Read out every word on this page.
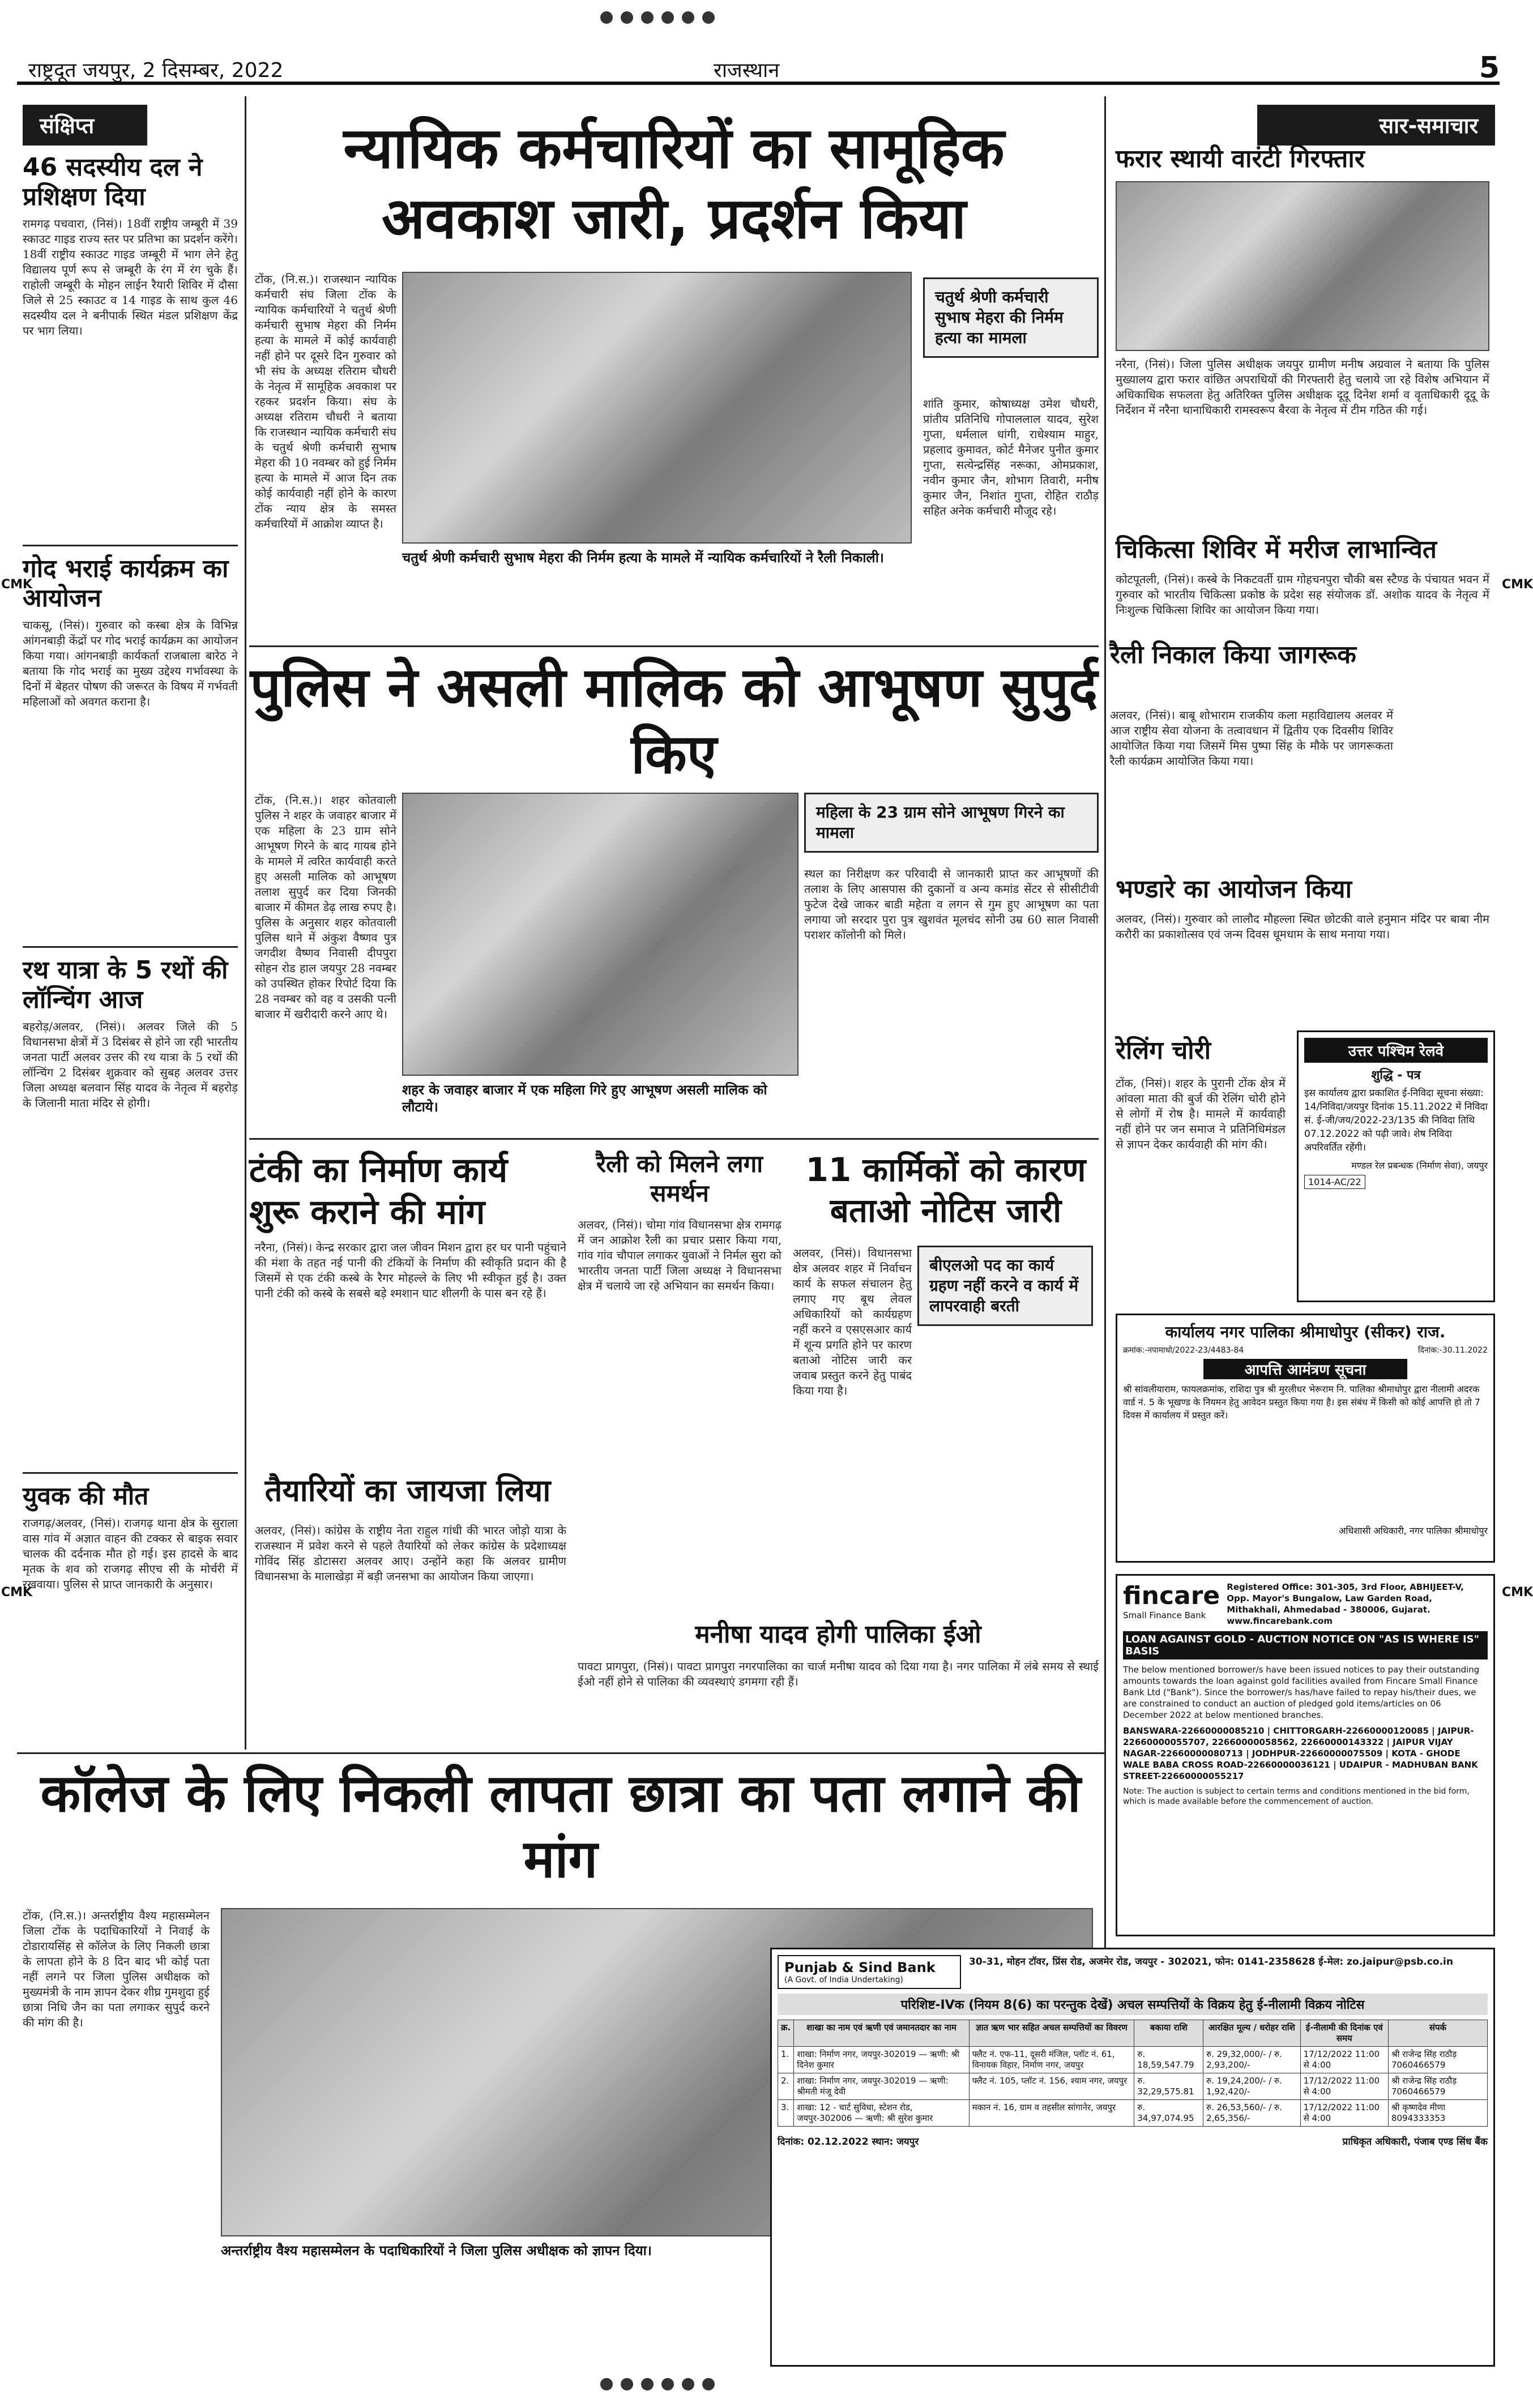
राष्ट्रदूत जयपुर, 2 दिसम्बर, 2022	राजस्थान	5
CMK	CMK
CMK	CMK
संक्षिप्त
46 सदस्यीय दल ने प्रशिक्षण दिया
रामगढ़ पचवारा, (निसं)। 18वीं राष्ट्रीय जम्बूरी में 39 स्काउट गाइड राज्य स्तर पर प्रतिभा का प्रदर्शन करेंगे। 18वीं राष्ट्रीय स्काउट गाइड जम्बूरी में भाग लेने हेतु विद्यालय पूर्ण रूप से जम्बूरी के रंग में रंग चुके हैं। राहोली जम्बूरी के मोहन लाईन रैयारी शिविर में दौसा जिले से 25 स्काउट व 14 गाइड के साथ कुल 46 सदस्यीय दल ने बनीपार्क स्थित मंडल प्रशिक्षण केंद्र पर भाग लिया।
गोद भराई कार्यक्रम का आयोजन
चाकसू, (निसं)। गुरुवार को कस्बा क्षेत्र के विभिन्न आंगनबाड़ी केंद्रों पर गोद भराई कार्यक्रम का आयोजन किया गया। आंगनबाड़ी कार्यकर्ता राजबाला बारेठ ने बताया कि गोद भराई का मुख्य उद्देश्य गर्भावस्था के दिनों में बेहतर पोषण की जरूरत के विषय में गर्भवती महिलाओं को अवगत कराना है।
रथ यात्रा के 5 रथों की लॉन्चिंग आज
बहरोड़/अलवर, (निसं)। अलवर जिले की 5 विधानसभा क्षेत्रों में 3 दिसंबर से होने जा रही भारतीय जनता पार्टी अलवर उत्तर की रथ यात्रा के 5 रथों की लॉन्चिंग 2 दिसंबर शुक्रवार को सुबह अलवर उत्तर जिला अध्यक्ष बलवान सिंह यादव के नेतृत्व में बहरोड़ के जिलानी माता मंदिर से होगी।
युवक की मौत
राजगढ़/अलवर, (निसं)। राजगढ़ थाना क्षेत्र के सुराला वास गांव में अज्ञात वाहन की टक्कर से बाइक सवार चालक की दर्दनाक मौत हो गई। इस हादसे के बाद मृतक के शव को राजगढ़ सीएच सी के मोर्चरी में रखवाया। पुलिस से प्राप्त जानकारी के अनुसार।
न्यायिक कर्मचारियों का सामूहिक अवकाश जारी, प्रदर्शन किया
टोंक, (नि.स.)। राजस्थान न्यायिक कर्मचारी संघ जिला टोंक के न्यायिक कर्मचारियों ने चतुर्थ श्रेणी कर्मचारी सुभाष मेहरा की निर्मम हत्या के मामले में कोई कार्यवाही नहीं होने पर दूसरे दिन गुरुवार को भी संघ के अध्यक्ष रतिराम चौधरी के नेतृत्व में सामूहिक अवकाश पर रहकर प्रदर्शन किया। संघ के अध्यक्ष रतिराम चौधरी ने बताया कि राजस्थान न्यायिक कर्मचारी संघ के चतुर्थ श्रेणी कर्मचारी सुभाष मेहरा की 10 नवम्बर को हुई निर्मम हत्या के मामले में आज दिन तक कोई कार्यवाही नहीं होने के कारण टोंक न्याय क्षेत्र के समस्त कर्मचारियों में आक्रोश व्याप्त है।
चतुर्थ श्रेणी कर्मचारी सुभाष मेहरा की निर्मम हत्या के मामले में न्यायिक कर्मचारियों ने रैली निकाली।
चतुर्थ श्रेणी कर्मचारी सुभाष मेहरा की निर्मम हत्या का मामला
शांति कुमार, कोषाध्यक्ष उमेश चौधरी, प्रांतीय प्रतिनिधि गोपाललाल यादव, सुरेश गुप्ता, धर्मलाल धांगी, राधेश्याम माहुर, प्रहलाद कुमावत, कोर्ट मैनेजर पुनीत कुमार गुप्ता, सत्येन्द्रसिंह नरूका, ओमप्रकाश, नवीन कुमार जैन, शोभाग तिवारी, मनीष कुमार जैन, निशांत गुप्ता, रोहित राठौड़ सहित अनेक कर्मचारी मौजूद रहे।
पुलिस ने असली मालिक को आभूषण सुपुर्द किए
टोंक, (नि.स.)। शहर कोतवाली पुलिस ने शहर के जवाहर बाजार में एक महिला के 23 ग्राम सोने आभूषण गिरने के बाद गायब होने के मामले में त्वरित कार्यवाही करते हुए असली मालिक को आभूषण तलाश सुपुर्द कर दिया जिनकी बाजार में कीमत डेढ़ लाख रुपए है। पुलिस के अनुसार शहर कोतवाली पुलिस थाने में अंकुश वैष्णव पुत्र जगदीश वैष्णव निवासी दीपपुरा सोहन रोड हाल जयपुर 28 नवम्बर को उपस्थित होकर रिपोर्ट दिया कि 28 नवम्बर को वह व उसकी पत्नी बाजार में खरीदारी करने आए थे।
शहर के जवाहर बाजार में एक महिला गिरे हुए आभूषण असली मालिक को लौटाये।
महिला के 23 ग्राम सोने आभूषण गिरने का मामला
स्थल का निरीक्षण कर परिवादी से जानकारी प्राप्त कर आभूषणों की तलाश के लिए आसपास की दुकानों व अन्य कमांड सेंटर से सीसीटीवी फुटेज देखे जाकर बाडी महेता व लगन से गुम हुए आभूषण का पता लगाया जो सरदार पुरा पुत्र खुशवंत मूलचंद सोनी उम्र 60 साल निवासी पराशर कॉलोनी को मिले।
रैली निकाल किया जागरूक
अलवर, (निसं)। बाबू शोभाराम राजकीय कला महाविद्यालय अलवर में आज राष्ट्रीय सेवा योजना के तत्वावधान में द्वितीय एक दिवसीय शिविर आयोजित किया गया जिसमें मिस पुष्पा सिंह के मौके पर जागरूकता रैली कार्यक्रम आयोजित किया गया।
टंकी का निर्माण कार्य शुरू कराने की मांग
नरैना, (निसं)। केन्द्र सरकार द्वारा जल जीवन मिशन द्वारा हर घर पानी पहुंचाने की मंशा के तहत नई पानी की टंकियों के निर्माण की स्वीकृति प्रदान की है जिसमें से एक टंकी कस्बे के रैगर मोहल्ले के लिए भी स्वीकृत हुई है। उक्त पानी टंकी को कस्बे के सबसे बड़े श्मशान घाट शीलगी के पास बन रहे हैं।
रैली को मिलने लगा समर्थन
अलवर, (निसं)। चोमा गांव विधानसभा क्षेत्र रामगढ़ में जन आक्रोश रैली का प्रचार प्रसार किया गया, गांव गांव चौपाल लगाकर युवाओं ने निर्मल सुरा को भारतीय जनता पार्टी जिला अध्यक्ष ने विधानसभा क्षेत्र में चलाये जा रहे अभियान का समर्थन किया।
11 कार्मिकों को कारण बताओ नोटिस जारी
बीएलओ पद का कार्य ग्रहण नहीं करने व कार्य में लापरवाही बरती
अलवर, (निसं)। विधानसभा क्षेत्र अलवर शहर में निर्वाचन कार्य के सफल संचालन हेतु लगाए गए बूथ लेवल अधिकारियों को कार्यग्रहण नहीं करने व एसएसआर कार्य में शून्य प्रगति होने पर कारण बताओ नोटिस जारी कर जवाब प्रस्तुत करने हेतु पाबंद किया गया है।
तैयारियों का जायजा लिया
अलवर, (निसं)। कांग्रेस के राष्ट्रीय नेता राहुल गांधी की भारत जोड़ो यात्रा के राजस्थान में प्रवेश करने से पहले तैयारियों को लेकर कांग्रेस के प्रदेशाध्यक्ष गोविंद सिंह डोटासरा अलवर आए। उन्होंने कहा कि अलवर ग्रामीण विधानसभा के मालाखेड़ा में बड़ी जनसभा का आयोजन किया जाएगा।
मनीषा यादव होगी पालिका ईओ
पावटा प्रागपुरा, (निसं)। पावटा प्रागपुरा नगरपालिका का चार्ज मनीषा यादव को दिया गया है। नगर पालिका में लंबे समय से स्थाई ईओ नहीं होने से पालिका की व्यवस्थाएं डगमगा रही हैं।
कॉलेज के लिए निकली लापता छात्रा का पता लगाने की मांग
टोंक, (नि.स.)। अन्तर्राष्ट्रीय वैश्य महासम्मेलन जिला टोंक के पदाधिकारियों ने निवाई के टोडारायसिंह से कॉलेज के लिए निकली छात्रा के लापता होने के 8 दिन बाद भी कोई पता नहीं लगने पर जिला पुलिस अधीक्षक को मुख्यमंत्री के नाम ज्ञापन देकर शीघ्र गुमशुदा हुई छात्रा निधि जैन का पता लगाकर सुपुर्द करने की मांग की है।
अन्तर्राष्ट्रीय वैश्य महासम्मेलन के पदाधिकारियों ने जिला पुलिस अधीक्षक को ज्ञापन दिया।
सार-समाचार
फरार स्थायी वारंटी गिरफ्तार
नरैना, (निसं)। जिला पुलिस अधीक्षक जयपुर ग्रामीण मनीष अग्रवाल ने बताया कि पुलिस मुख्यालय द्वारा फरार वांछित अपराधियों की गिरफ्तारी हेतु चलाये जा रहे विशेष अभियान में अधिकाधिक सफलता हेतु अतिरिक्त पुलिस अधीक्षक दूदू दिनेश शर्मा व वृताधिकारी दूदू के निर्देशन में नरैना थानाधिकारी रामस्वरूप बैरवा के नेतृत्व में टीम गठित की गई।
चिकित्सा शिविर में मरीज लाभान्वित
कोटपूतली, (निसं)। कस्बे के निकटवर्ती ग्राम गोहचनपुरा चौकी बस स्टैण्ड के पंचायत भवन में गुरुवार को भारतीय चिकित्सा प्रकोष्ठ के प्रदेश सह संयोजक डॉ. अशोक यादव के नेतृत्व में निःशुल्क चिकित्सा शिविर का आयोजन किया गया।
भण्डारे का आयोजन किया
अलवर, (निसं)। गुरुवार को लालौद मौहल्ला स्थित छोटकी वाले हनुमान मंदिर पर बाबा नीम करौरी का प्रकाशोत्सव एवं जन्म दिवस धूमधाम के साथ मनाया गया।
रेलिंग चोरी
टोंक, (निसं)। शहर के पुरानी टोंक क्षेत्र में आंवला माता की बुर्ज की रेलिंग चोरी होने से लोगों में रोष है। मामले में कार्यवाही नहीं होने पर जन समाज ने प्रतिनिधिमंडल से ज्ञापन देकर कार्यवाही की मांग की।
उत्तर पश्चिम रेलवे
शुद्धि - पत्र
इस कार्यालय द्वारा प्रकाशित ई-निविदा सूचना संख्या: 14/निविदा/जयपुर दिनांक 15.11.2022 में निविदा सं. ई-जी/जय/2022-23/135 की निविदा तिथि 07.12.2022 को पढ़ी जावे। शेष निविदा अपरिवर्तित रहेंगी।
मण्डल रेल प्रबन्धक (निर्माण सेवा), जयपुर
1014-AC/22
कार्यालय नगर पालिका श्रीमाधोपुर (सीकर) राज.
क्रमांक:-नपामाधो/2022-23/4483-84	दिनांक:-30.11.2022
आपत्ति आमंत्रण सूचना
श्री सांवलीयाराम, फायलक्रमांक, राशिदा पुत्र श्री मुरलीधर भेरूराम नि. पालिका श्रीमाधोपुर द्वारा नीलामी अदरक वार्ड नं. 5 के भूखण्ड के नियमन हेतु आवेदन प्रस्तुत किया गया है। इस संबंध में किसी को कोई आपत्ति हो तो 7 दिवस में कार्यालय में प्रस्तुत करें।
अधिशासी अधिकारी, नगर पालिका श्रीमाधोपुर
fincare
Small Finance Bank
Registered Office: 301-305, 3rd Floor, ABHIJEET-V, Opp. Mayor's Bungalow, Law Garden Road, Mithakhali, Ahmedabad - 380006, Gujarat. www.fincarebank.com
LOAN AGAINST GOLD - AUCTION NOTICE ON "AS IS WHERE IS" BASIS
The below mentioned borrower/s have been issued notices to pay their outstanding amounts towards the loan against gold facilities availed from Fincare Small Finance Bank Ltd ("Bank"). Since the borrower/s has/have failed to repay his/their dues, we are constrained to conduct an auction of pledged gold items/articles on 06 December 2022 at below mentioned branches.
BANSWARA-22660000085210 | CHITTORGARH-22660000120085 | JAIPUR-22660000055707, 22660000058562, 22660000143322 | JAIPUR VIJAY NAGAR-22660000080713 | JODHPUR-22660000075509 | KOTA - GHODE WALE BABA CROSS ROAD-22660000036121 | UDAIPUR - MADHUBAN BANK STREET-22660000055217
Note: The auction is subject to certain terms and conditions mentioned in the bid form, which is made available before the commencement of auction.
Punjab & Sind Bank
(A Govt. of India Undertaking)
30-31, मोहन टॉवर, प्रिंस रोड, अजमेर रोड, जयपुर - 302021, फोन: 0141-2358628 ई-मेल: zo.jaipur@psb.co.in
परिशिष्ट-IVक (नियम 8(6) का परन्तुक देखें) अचल सम्पत्तियों के विक्रय हेतु ई-नीलामी विक्रय नोटिस
क्र.	शाखा का नाम एवं ऋणी एवं जमानतदार का नाम	ज्ञात ऋण भार सहित अचल सम्पत्तियों का विवरण	बकाया राशि	आरक्षित मूल्य / धरोहर राशि	ई-नीलामी की दिनांक एवं समय	संपर्क
1.	शाखा: निर्माण नगर, जयपुर-302019 — ऋणी: श्री दिनेश कुमार	फ्लैट नं. एफ-11, दूसरी मंजिल, प्लॉट नं. 61, विनायक विहार, निर्माण नगर, जयपुर	रु. 18,59,547.79	रु. 29,32,000/- / रु. 2,93,200/-	17/12/2022 11:00 से 4:00	श्री राजेन्द्र सिंह राठौड़ 7060466579
2.	शाखा: निर्माण नगर, जयपुर-302019 — ऋणी: श्रीमती मंजू देवी	फ्लैट नं. 105, प्लॉट नं. 156, श्याम नगर, जयपुर	रु. 32,29,575.81	रु. 19,24,200/- / रु. 1,92,420/-	17/12/2022 11:00 से 4:00	श्री राजेन्द्र सिंह राठौड़ 7060466579
3.	शाखा: 12 - चार्ट सुविधा, स्टेशन रोड, जयपुर-302006 — ऋणी: श्री सुरेश कुमार	मकान नं. 16, ग्राम व तहसील सांगानेर, जयपुर	रु. 34,97,074.95	रु. 26,53,560/- / रु. 2,65,356/-	17/12/2022 11:00 से 4:00	श्री कृष्णदेव मीणा 8094333353
दिनांक: 02.12.2022 स्थान: जयपुर	प्राधिकृत अधिकारी, पंजाब एण्ड सिंध बैंक
